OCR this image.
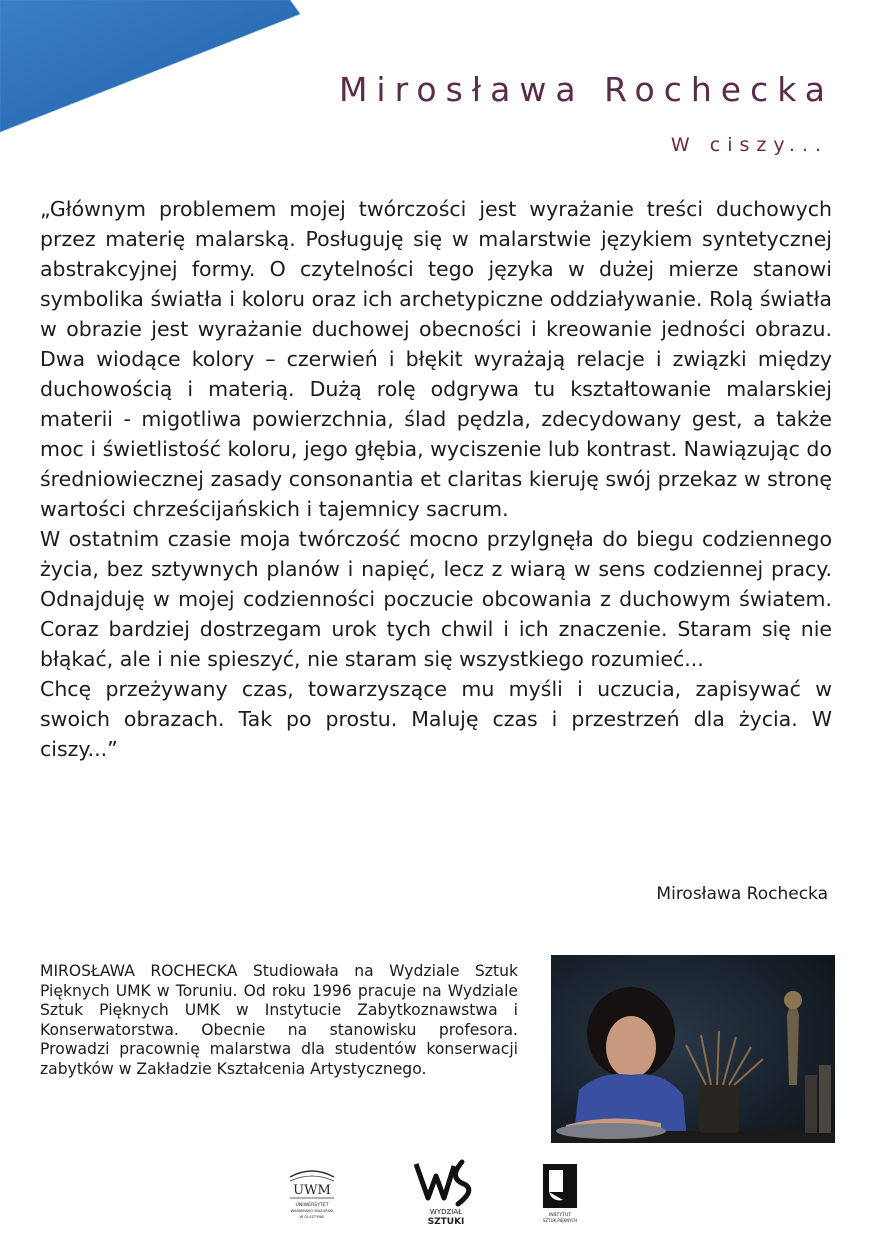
Mirosława Rochecka
W ciszy...

„Głównym problemem mojej twórczości jest wyrażanie treści duchowych przez materię malarską. Posługuję się w malarstwie językiem syntetycznej abstrakcyjnej formy. O czytelności tego języka w dużej mierze stanowi symbolika światła i koloru oraz ich archetypiczne oddziaływanie. Rolą światła w obrazie jest wyrażanie duchowej obecności i kreowanie jedności obrazu. Dwa wiodące kolory – czerwień i błękit wyrażają relacje i związki między duchowością i materią. Dużą rolę odgrywa tu kształtowanie malarskiej materii - migotliwa powierzchnia, ślad pędzla, zdecydowany gest, a także moc i świetlistość koloru, jego głębia, wyciszenie lub kontrast. Nawiązując do średniowiecznej zasady consonantia et claritas kieruję swój przekaz w stronę wartości chrześcijańskich i tajemnicy sacrum.

W ostatnim czasie moja twórczość mocno przylgnęła do biegu codziennego życia, bez sztywnych planów i napięć, lecz z wiarą w sens codziennej pracy. Odnajduję w mojej codzienności poczucie obcowania z duchowym światem. Coraz bardziej dostrzegam urok tych chwil i ich znaczenie. Staram się nie błąkać, ale i nie spieszyć, nie staram się wszystkiego rozumieć...

Chcę przeżywany czas, towarzyszące mu myśli i uczucia, zapisywać w swoich obrazach. Tak po prostu. Maluję czas i przestrzeń dla życia. W ciszy...”

Mirosława Rochecka

MIROSŁAWA ROCHECKA Studiowała na Wydziale Sztuk Pięknych UMK w Toruniu. Od roku 1996 pracuje na Wydziale Sztuk Pięknych UMK w Instytucie Zabytkoznawstwa i Konserwatorstwa. Obecnie na stanowisku profesora. Prowadzi pracownię malarstwa dla studentów konserwacji zabytków w Zakładzie Kształcenia Artystycznego.

UWM
UNIWERSYTET
WARMIŃSKO-MAZURSKI
W OLSZTYNIE
WYDZIAŁ
SZTUKI
INSTYTUT
SZTUK PIĘKNYCH
